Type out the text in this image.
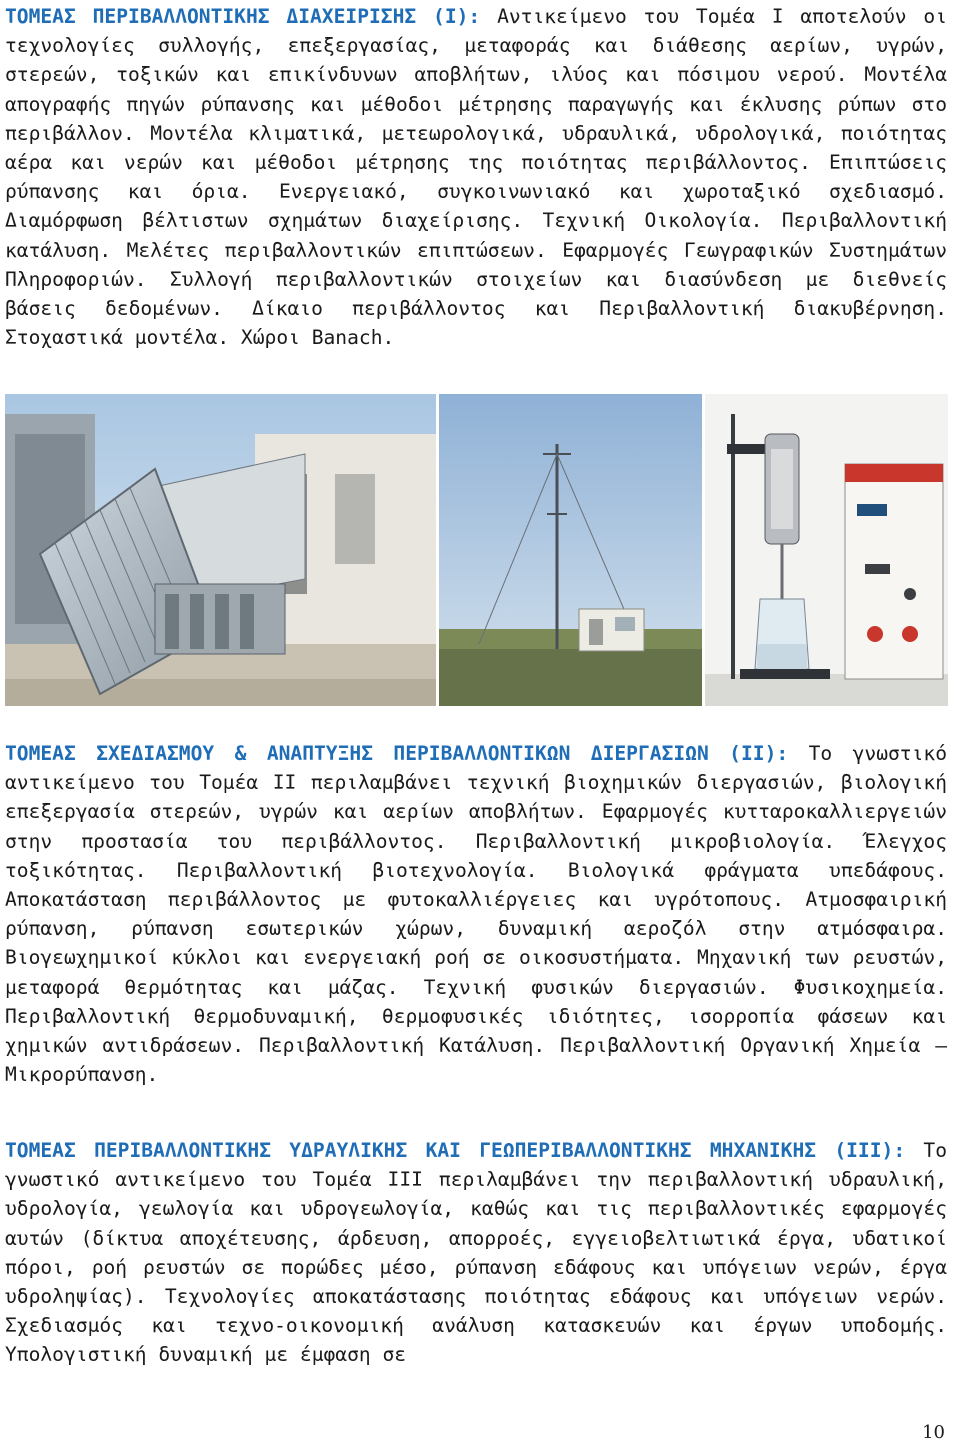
ΤΟΜΕΑΣ ΠΕΡΙΒΑΛΛΟΝΤΙΚΗΣ ΔΙΑΧΕΙΡΙΣΗΣ (Ι): Αντικείμενο του Τομέα Ι αποτελούν οι τεχνολογίες συλλογής, επεξεργασίας, μεταφοράς και διάθεσης αερίων, υγρών, στερεών, τοξικών και επικίνδυνων αποβλήτων, ιλύος και πόσιμου νερού. Μοντέλα απογραφής πηγών ρύπανσης και μέθοδοι μέτρησης παραγωγής και έκλυσης ρύπων στο περιβάλλον. Μοντέλα κλιματικά, μετεωρολογικά, υδραυλικά, υδρολογικά, ποιότητας αέρα και νερών και μέθοδοι μέτρησης της ποιότητας περιβάλλοντος. Επιπτώσεις ρύπανσης και όρια. Ενεργειακό, συγκοινωνιακό και χωροταξικό σχεδιασμό. Διαμόρφωση βέλτιστων σχημάτων διαχείρισης. Τεχνική Οικολογία. Περιβαλλοντική κατάλυση. Μελέτες περιβαλλοντικών επιπτώσεων. Εφαρμογές Γεωγραφικών Συστημάτων Πληροφοριών. Συλλογή περιβαλλοντικών στοιχείων και διασύνδεση με διεθνείς βάσεις δεδομένων. Δίκαιο περιβάλλοντος και Περιβαλλοντική διακυβέρνηση. Στοχαστικά μοντέλα. Χώροι Banach.

ΤΟΜΕΑΣ ΣΧΕΔΙΑΣΜΟΥ & ΑΝΑΠΤΥΞΗΣ ΠΕΡΙΒΑΛΛΟΝΤΙΚΩΝ ΔΙΕΡΓΑΣΙΩΝ (ΙΙ): Το γνωστικό αντικείμενο του Τομέα ΙΙ περιλαμβάνει τεχνική βιοχημικών διεργασιών, βιολογική επεξεργασία στερεών, υγρών και αερίων αποβλήτων. Εφαρμογές κυτταροκαλλιεργειών στην προστασία του περιβάλλοντος. Περιβαλλοντική μικροβιολογία. Έλεγχος τοξικότητας. Περιβαλλοντική βιοτεχνολογία. Βιολογικά φράγματα υπεδάφους. Αποκατάσταση περιβάλλοντος με φυτοκαλλιέργειες και υγρότοπους. Ατμοσφαιρική ρύπανση, ρύπανση εσωτερικών χώρων, δυναμική αεροζόλ στην ατμόσφαιρα. Βιογεωχημικοί κύκλοι και ενεργειακή ροή σε οικοσυστήματα. Μηχανική των ρευστών, μεταφορά θερμότητας και μάζας. Τεχνική φυσικών διεργασιών. Φυσικοχημεία. Περιβαλλοντική θερμοδυναμική, θερμοφυσικές ιδιότητες, ισορροπία φάσεων και χημικών αντιδράσεων. Περιβαλλοντική Κατάλυση. Περιβαλλοντική Οργανική Χημεία – Μικρορύπανση.

ΤΟΜΕΑΣ ΠΕΡΙΒΑΛΛΟΝΤΙΚΗΣ ΥΔΡΑΥΛΙΚΗΣ ΚΑΙ ΓΕΩΠΕΡΙΒΑΛΛΟΝΤΙΚΗΣ ΜΗΧΑΝΙΚΗΣ (ΙΙΙ): Το γνωστικό αντικείμενο του Τομέα ΙΙΙ περιλαμβάνει την περιβαλλοντική υδραυλική, υδρολογία, γεωλογία και υδρογεωλογία, καθώς και τις περιβαλλοντικές εφαρμογές αυτών (δίκτυα αποχέτευσης, άρδευση, απορροές, εγγειοβελτιωτικά έργα, υδατικοί πόροι, ροή ρευστών σε πορώδες μέσο, ρύπανση εδάφους και υπόγειων νερών, έργα υδροληψίας). Τεχνολογίες αποκατάστασης ποιότητας εδάφους και υπόγειων νερών. Σχεδιασμός και τεχνο-οικονομική ανάλυση κατασκευών και έργων υποδομής. Υπολογιστική δυναμική με έμφαση σε

10
